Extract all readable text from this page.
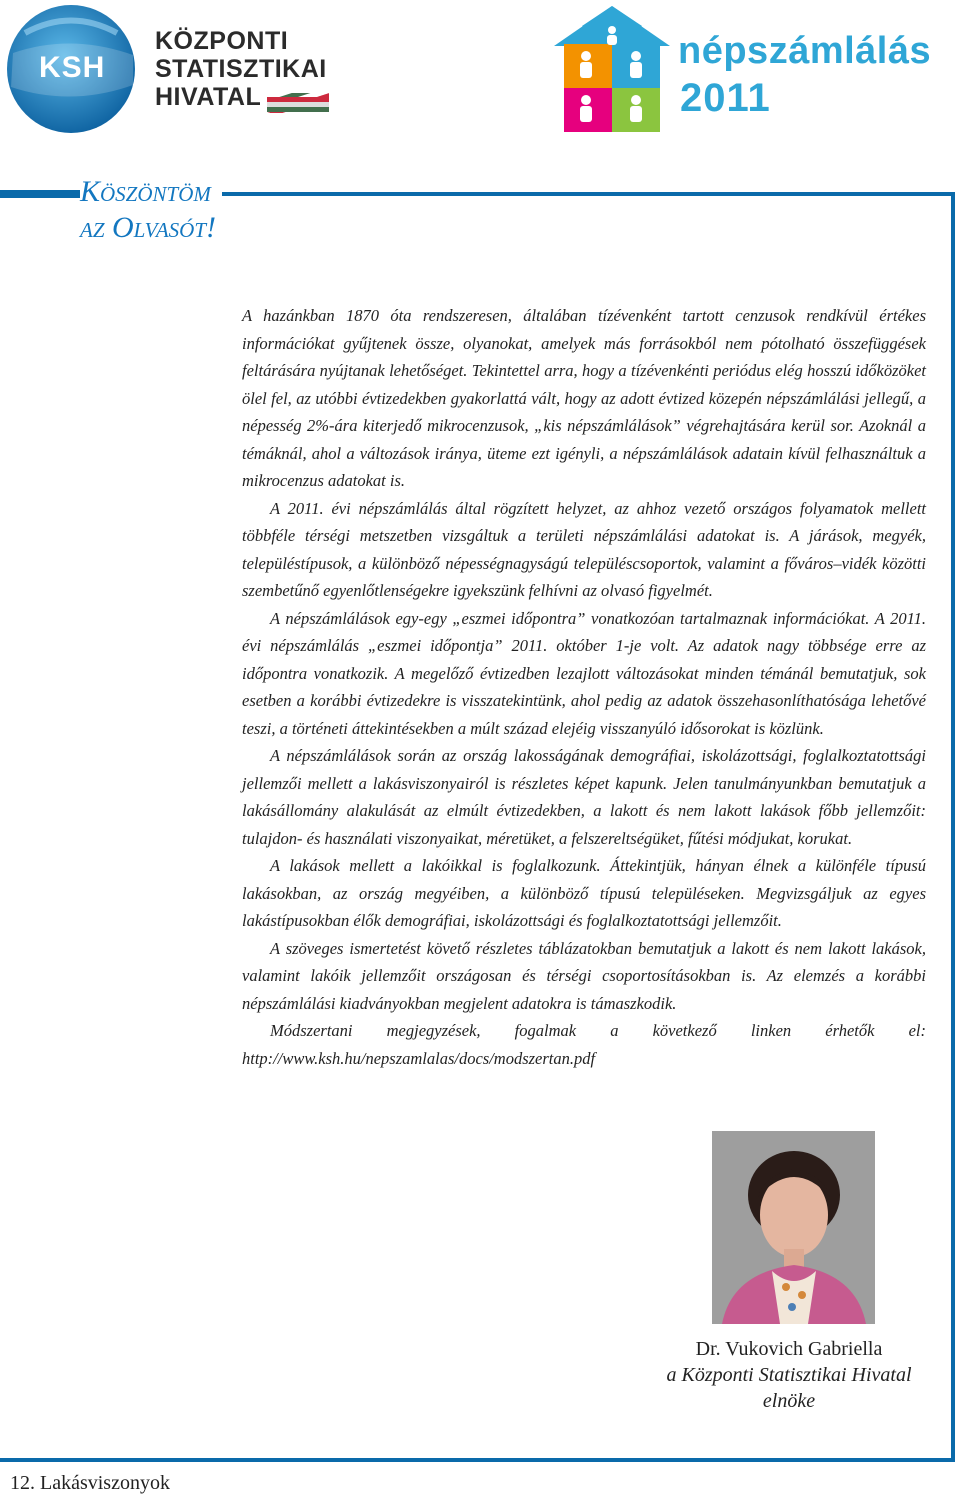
KSH
KÖZPONTI
STATISZTIKAI
HIVATAL
népszámlálás
2011
Köszöntöm
az Olvasót!

A hazánkban 1870 óta rendszeresen, általában tízévenként tartott cenzusok rendkívül értékes információkat gyűjtenek össze, olyanokat, amelyek más forrásokból nem pótolható összefüggések feltárására nyújtanak lehetőséget. Tekintettel arra, hogy a tízévenkénti periódus elég hosszú időközöket ölel fel, az utóbbi évtizedekben gyakorlattá vált, hogy az adott évtized közepén népszámlálási jellegű, a népesség 2%-ára kiterjedő mikrocenzusok, „kis népszámlálások” végrehajtására kerül sor. Azoknál a témáknál, ahol a változások iránya, üteme ezt igényli, a népszámlálások adatain kívül felhasználtuk a mikrocenzus adatokat is.

A 2011. évi népszámlálás által rögzített helyzet, az ahhoz vezető országos folyamatok mellett többféle térségi metszetben vizsgáltuk a területi népszámlálási adatokat is. A járások, megyék, településtípusok, a különböző népességnagyságú településcsoportok, valamint a főváros–vidék közötti szembetűnő egyenlőtlenségekre igyekszünk felhívni az olvasó figyelmét.

A népszámlálások egy-egy „eszmei időpontra” vonatkozóan tartalmaznak információkat. A 2011. évi népszámlálás „eszmei időpontja” 2011. október 1-je volt. Az adatok nagy többsége erre az időpontra vonatkozik. A megelőző évtizedben lezajlott változásokat minden témánál bemutatjuk, sok esetben a korábbi évtizedekre is visszatekintünk, ahol pedig az adatok összehasonlíthatósága lehetővé teszi, a történeti áttekintésekben a múlt század elejéig visszanyúló idősorokat is közlünk.

A népszámlálások során az ország lakosságának demográfiai, iskolázottsági, foglalkoztatottsági jellemzői mellett a lakásviszonyairól is részletes képet kapunk. Jelen tanulmányunkban bemutatjuk a lakásállomány alakulását az elmúlt évtizedekben, a lakott és nem lakott lakások főbb jellemzőit: tulajdon- és használati viszonyaikat, méretüket, a felszereltségüket, fűtési módjukat, korukat.

A lakások mellett a lakóikkal is foglalkozunk. Áttekintjük, hányan élnek a különféle típusú lakásokban, az ország megyéiben, a különböző típusú településeken. Megvizsgáljuk az egyes lakástípusokban élők demográfiai, iskolázottsági és foglalkoztatottsági jellemzőit.

A szöveges ismertetést követő részletes táblázatokban bemutatjuk a lakott és nem lakott lakások, valamint lakóik jellemzőit országosan és térségi csoportosításokban is. Az elemzés a korábbi népszámlálási kiadványokban megjelent adatokra is támaszkodik.

Módszertani megjegyzések, fogalmak a következő linken érhetők el: http://www.ksh.hu/nepszamlalas/docs/modszertan.pdf

Dr. Vukovich Gabriella
a Központi Statisztikai Hivatal
elnöke
12. Lakásviszonyok
